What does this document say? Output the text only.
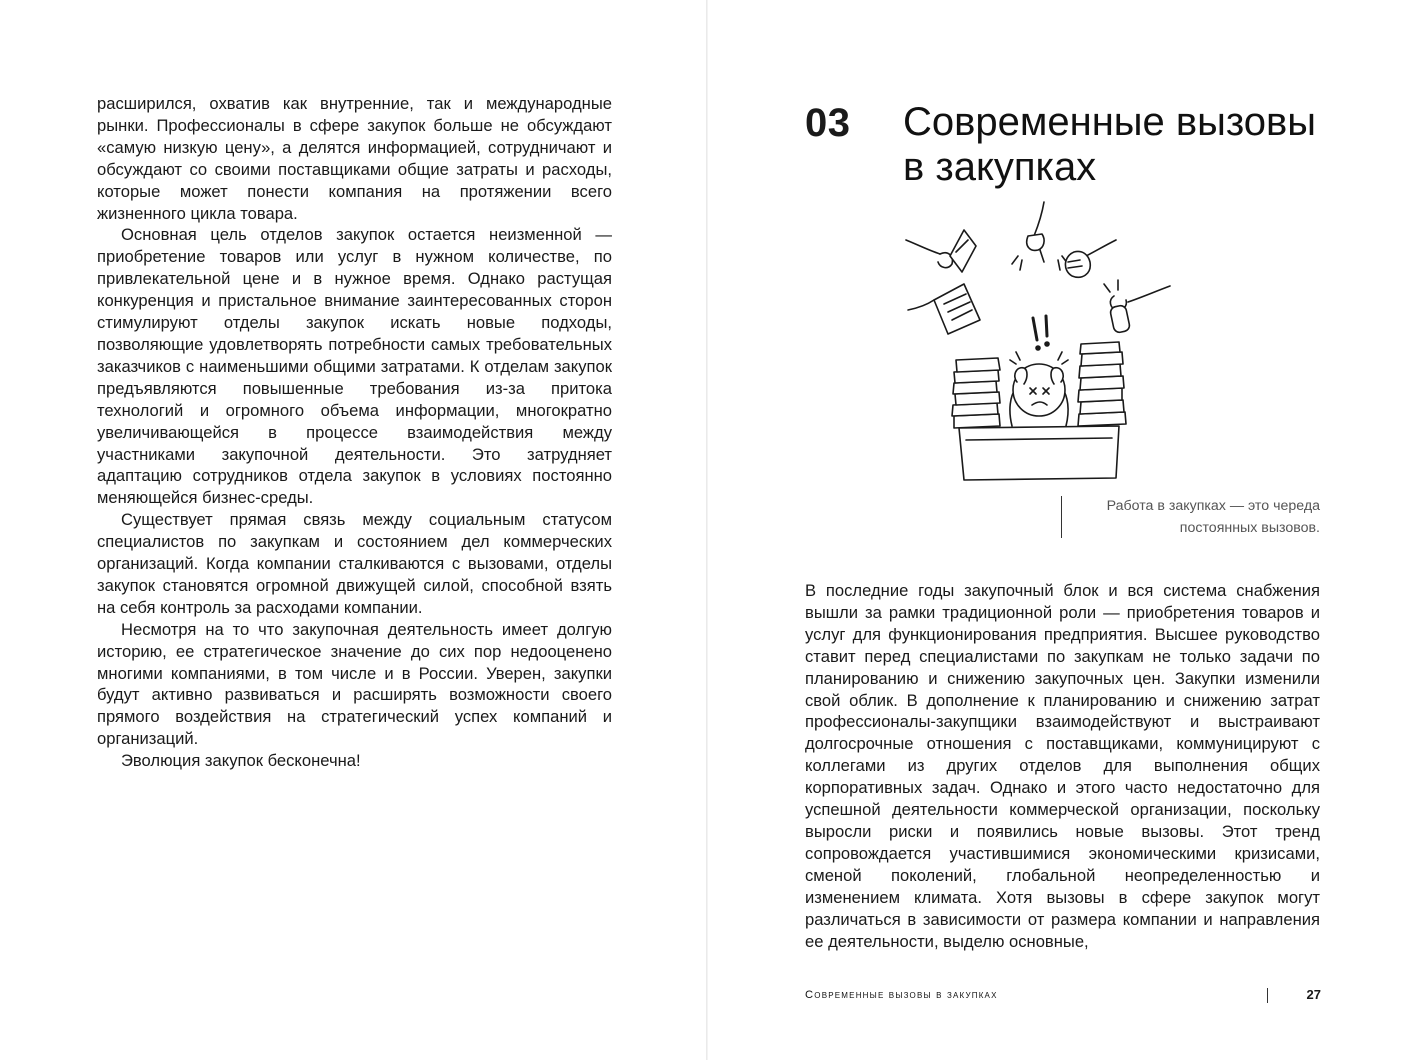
расширился, охватив как внутренние, так и международные рынки. Профессионалы в сфере закупок больше не обсуждают «самую низкую цену», а делятся информацией, сотрудничают и обсуждают со своими поставщиками общие затраты и расходы, которые может понести компания на протяжении всего жизненного цикла товара.

Основная цель отделов закупок остается неизменной — приобретение товаров или услуг в нужном количестве, по привлекательной цене и в нужное время. Однако растущая конкуренция и пристальное внимание заинтересованных сторон стимулируют отделы закупок искать новые подходы, позволяющие удовлетворять потребности самых требовательных заказчиков с наименьшими общими затратами. К отделам закупок предъявляются повышенные требования из-за притока технологий и огромного объема информации, многократно увеличивающейся в процессе взаимодействия между участниками закупочной деятельности. Это затрудняет адаптацию сотрудников отдела закупок в условиях постоянно меняющейся бизнес-среды.

Существует прямая связь между социальным статусом специалистов по закупкам и состоянием дел коммерческих организаций. Когда компании сталкиваются с вызовами, отделы закупок становятся огромной движущей силой, способной взять на себя контроль за расходами компании.

Несмотря на то что закупочная деятельность имеет долгую историю, ее стратегическое значение до сих пор недооценено многими компаниями, в том числе и в России. Уверен, закупки будут активно развиваться и расширять возможности своего прямого воздействия на стратегический успех компаний и организаций.

Эволюция закупок бесконечна!

03 Современные вызовы в закупках
Работа в закупках — это череда постоянных вызовов.

В последние годы закупочный блок и вся система снабжения вышли за рамки традиционной роли — приобретения товаров и услуг для функционирования предприятия. Высшее руководство ставит перед специалистами по закупкам не только задачи по планированию и снижению закупочных цен. Закупки изменили свой облик. В дополнение к планированию и снижению затрат профессионалы-закупщики взаимодействуют и выстраивают долгосрочные отношения с поставщиками, коммуницируют с коллегами из других отделов для выполнения общих корпоративных задач. Однако и этого часто недостаточно для успешной деятельности коммерческой организации, поскольку выросли риски и появились новые вызовы. Этот тренд сопровождается участившимися экономическими кризисами, сменой поколений, глобальной неопределенностью и изменением климата. Хотя вызовы в сфере закупок могут различаться в зависимости от размера компании и направления ее деятельности, выделю основные,

Современные вызовы в закупках	27
